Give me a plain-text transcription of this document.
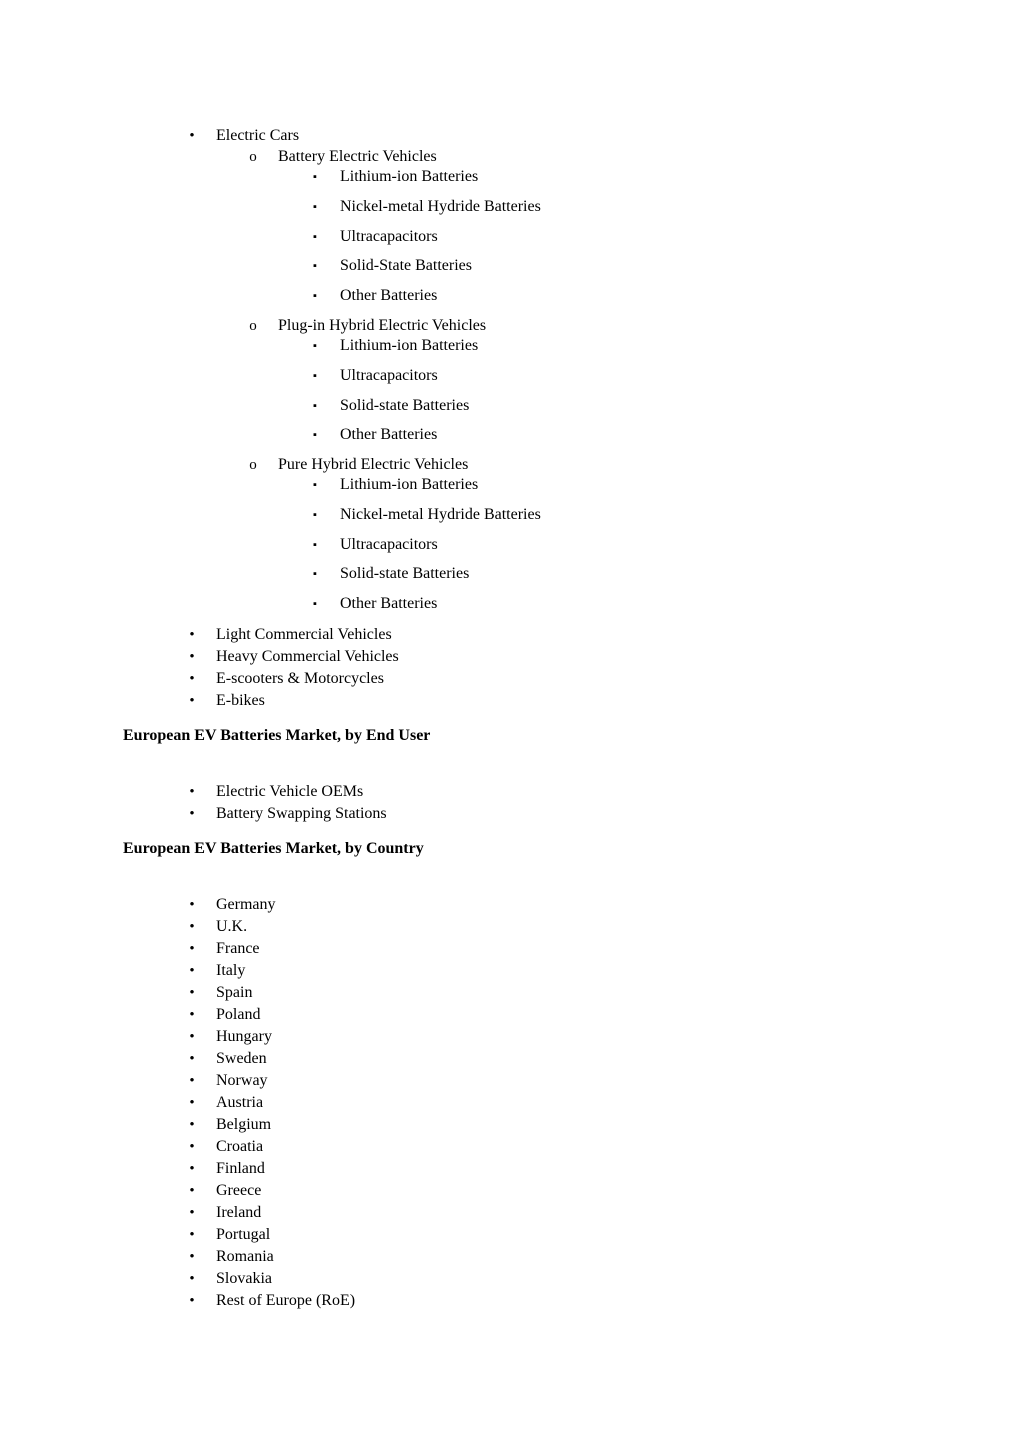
• Electric Cars
o Battery Electric Vehicles
▪	Lithium-ion Batteries
▪	Nickel-metal Hydride Batteries
▪	Ultracapacitors
▪	Solid-State Batteries
▪	Other Batteries
o Plug-in Hybrid Electric Vehicles
▪	Lithium-ion Batteries
▪	Ultracapacitors
▪	Solid-state Batteries
▪	Other Batteries
o Pure Hybrid Electric Vehicles
▪	Lithium-ion Batteries
▪	Nickel-metal Hydride Batteries
▪	Ultracapacitors
▪	Solid-state Batteries
▪	Other Batteries
• Light Commercial Vehicles
• Heavy Commercial Vehicles
• E-scooters & Motorcycles
• E-bikes
European EV Batteries Market, by End User
• Electric Vehicle OEMs
• Battery Swapping Stations
European EV Batteries Market, by Country
• Germany
• U.K.
• France
• Italy
• Spain
• Poland
• Hungary
• Sweden
• Norway
• Austria
• Belgium
• Croatia
• Finland
• Greece
• Ireland
• Portugal
• Romania
• Slovakia
• Rest of Europe (RoE)
